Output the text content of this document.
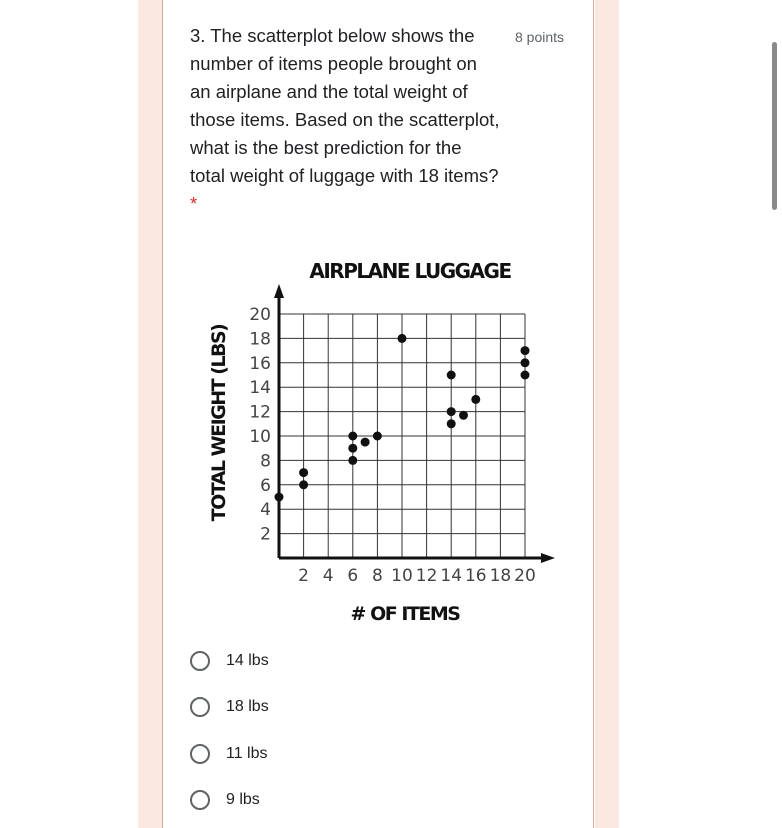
3. The scatterplot below shows the number of items people brought on an airplane and the total weight of those items. Based on the scatterplot, what is the best prediction for the total weight of luggage with 18 items? *
8 points
AIRPLANE LUGGAGE
# OF ITEMS
TOTAL WEIGHT (LBS)
2 4 6 8 10 12 14 16 18 20
2
4
6
8
10
12
14
16
18
20
14 lbs
18 lbs
11 lbs
9 lbs
